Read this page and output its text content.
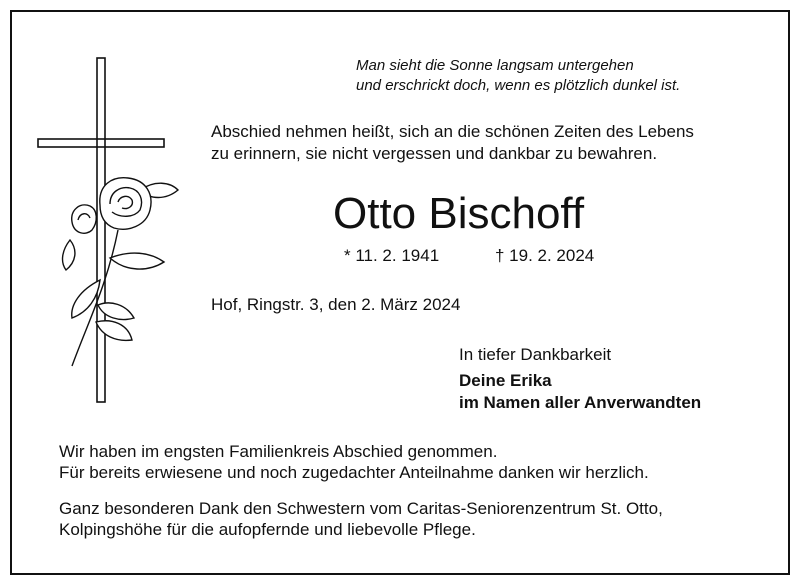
Man sieht die Sonne langsam untergehen
und erschrickt doch, wenn es plötzlich dunkel ist.
Abschied nehmen heißt, sich an die schönen Zeiten des Lebens
zu erinnern, sie nicht vergessen und dankbar zu bewahren.
Otto Bischoff
* 11. 2. 1941	† 19. 2. 2024
Hof, Ringstr. 3, den 2. März 2024
In tiefer Dankbarkeit
Deine Erika
im Namen aller Anverwandten
Wir haben im engsten Familienkreis Abschied genommen.
Für bereits erwiesene und noch zugedachter Anteilnahme danken wir herzlich.
Ganz besonderen Dank den Schwestern vom Caritas-Seniorenzentrum St. Otto,
Kolpingshöhe für die aufopfernde und liebevolle Pflege.
